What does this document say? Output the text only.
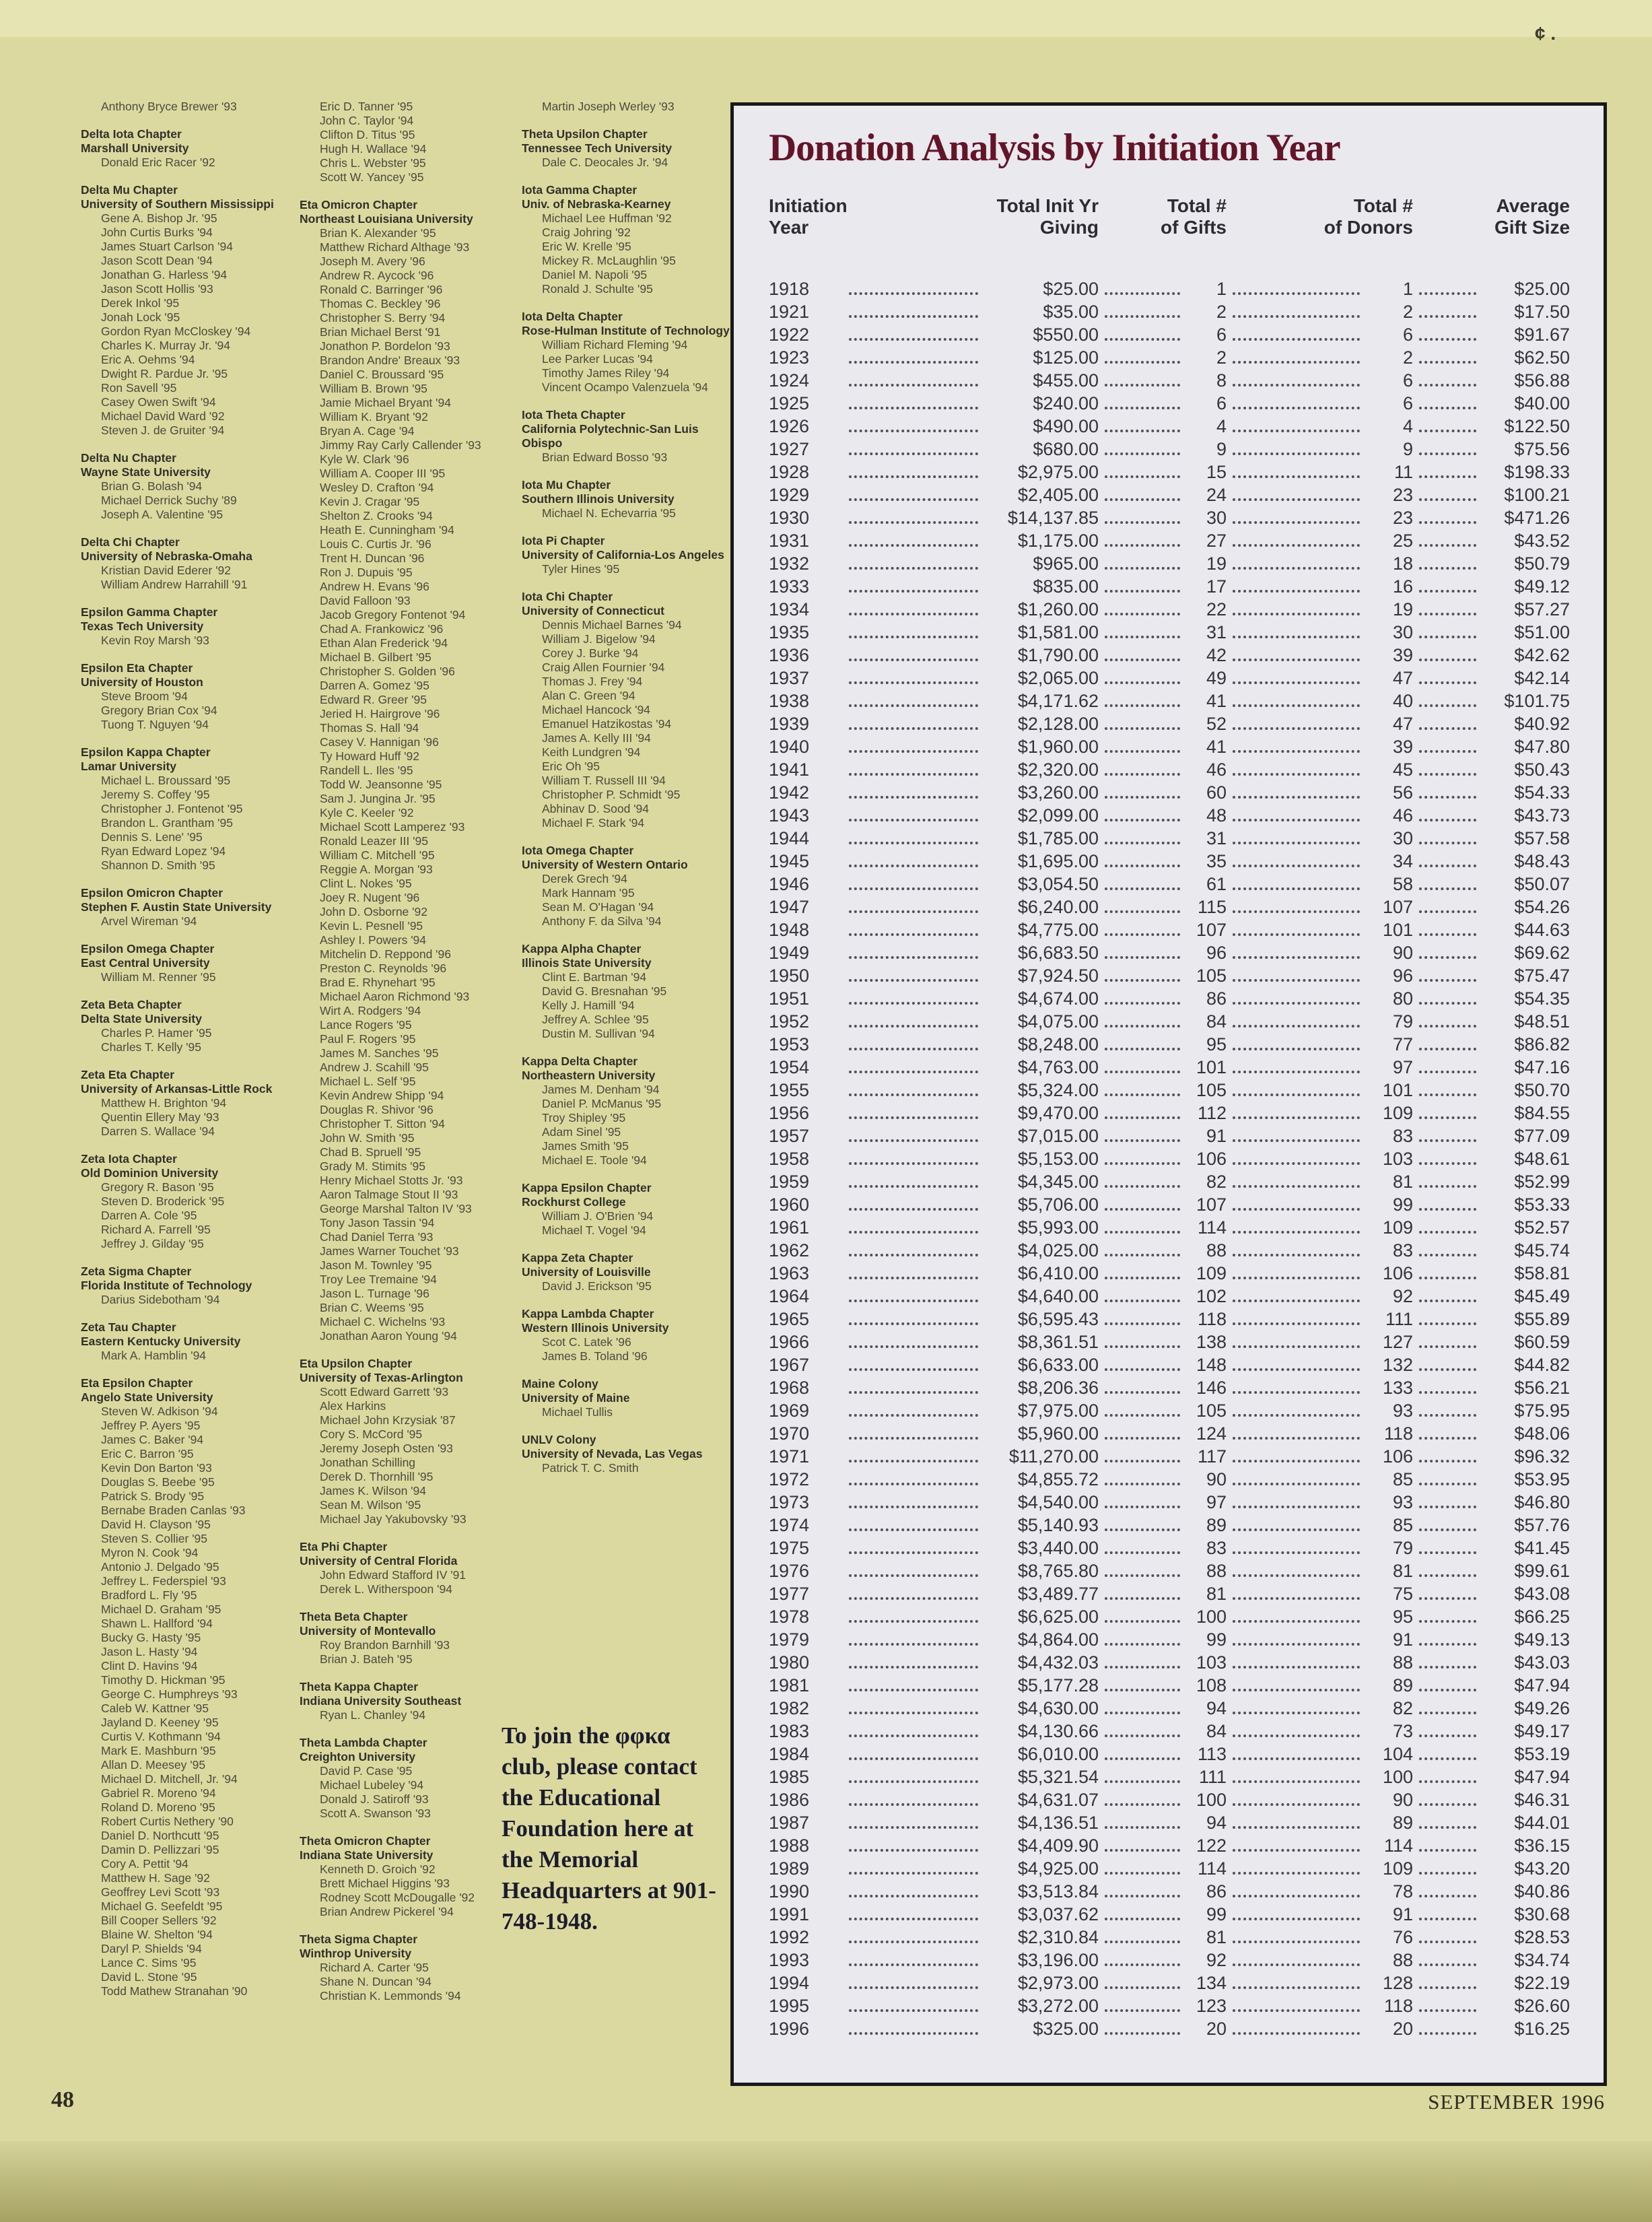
¢ .
Anthony Bryce Brewer '93
Delta Iota Chapter
Marshall University
Donald Eric Racer '92
Delta Mu Chapter
University of Southern Mississippi
Gene A. Bishop Jr. '95
John Curtis Burks '94
James Stuart Carlson '94
Jason Scott Dean '94
Jonathan G. Harless '94
Jason Scott Hollis '93
Derek Inkol '95
Jonah Lock '95
Gordon Ryan McCloskey '94
Charles K. Murray Jr. '94
Eric A. Oehms '94
Dwight R. Pardue Jr. '95
Ron Savell '95
Casey Owen Swift '94
Michael David Ward '92
Steven J. de Gruiter '94
Delta Nu Chapter
Wayne State University
Brian G. Bolash '94
Michael Derrick Suchy '89
Joseph A. Valentine '95
Delta Chi Chapter
University of Nebraska-Omaha
Kristian David Ederer '92
William Andrew Harrahill '91
Epsilon Gamma Chapter
Texas Tech University
Kevin Roy Marsh '93
Epsilon Eta Chapter
University of Houston
Steve Broom '94
Gregory Brian Cox '94
Tuong T. Nguyen '94
Epsilon Kappa Chapter
Lamar University
Michael L. Broussard '95
Jeremy S. Coffey '95
Christopher J. Fontenot '95
Brandon L. Grantham '95
Dennis S. Lene' '95
Ryan Edward Lopez '94
Shannon D. Smith '95
Epsilon Omicron Chapter
Stephen F. Austin State University
Arvel Wireman '94
Epsilon Omega Chapter
East Central University
William M. Renner '95
Zeta Beta Chapter
Delta State University
Charles P. Hamer '95
Charles T. Kelly '95
Zeta Eta Chapter
University of Arkansas-Little Rock
Matthew H. Brighton '94
Quentin Ellery May '93
Darren S. Wallace '94
Zeta Iota Chapter
Old Dominion University
Gregory R. Bason '95
Steven D. Broderick '95
Darren A. Cole '95
Richard A. Farrell '95
Jeffrey J. Gilday '95
Zeta Sigma Chapter
Florida Institute of Technology
Darius Sidebotham '94
Zeta Tau Chapter
Eastern Kentucky University
Mark A. Hamblin '94
Eta Epsilon Chapter
Angelo State University
Steven W. Adkison '94
Jeffrey P. Ayers '95
James C. Baker '94
Eric C. Barron '95
Kevin Don Barton '93
Douglas S. Beebe '95
Patrick S. Brody '95
Bernabe Braden Canlas '93
David H. Clayson '95
Steven S. Collier '95
Myron N. Cook '94
Antonio J. Delgado '95
Jeffrey L. Federspiel '93
Bradford L. Fly '95
Michael D. Graham '95
Shawn L. Hallford '94
Bucky G. Hasty '95
Jason L. Hasty '94
Clint D. Havins '94
Timothy D. Hickman '95
George C. Humphreys '93
Caleb W. Kattner '95
Jayland D. Keeney '95
Curtis V. Kothmann '94
Mark E. Mashburn '95
Allan D. Meesey '95
Michael D. Mitchell, Jr. '94
Gabriel R. Moreno '94
Roland D. Moreno '95
Robert Curtis Nethery '90
Daniel D. Northcutt '95
Damin D. Pellizzari '95
Cory A. Pettit '94
Matthew H. Sage '92
Geoffrey Levi Scott '93
Michael G. Seefeldt '95
Bill Cooper Sellers '92
Blaine W. Shelton '94
Daryl P. Shields '94
Lance C. Sims '95
David L. Stone '95
Todd Mathew Stranahan '90
Eric D. Tanner '95
John C. Taylor '94
Clifton D. Titus '95
Hugh H. Wallace '94
Chris L. Webster '95
Scott W. Yancey '95
Eta Omicron Chapter
Northeast Louisiana University
Brian K. Alexander '95
Matthew Richard Althage '93
Joseph M. Avery '96
Andrew R. Aycock '96
Ronald C. Barringer '96
Thomas C. Beckley '96
Christopher S. Berry '94
Brian Michael Berst '91
Jonathon P. Bordelon '93
Brandon Andre' Breaux '93
Daniel C. Broussard '95
William B. Brown '95
Jamie Michael Bryant '94
William K. Bryant '92
Bryan A. Cage '94
Jimmy Ray Carly Callender '93
Kyle W. Clark '96
William A. Cooper III '95
Wesley D. Crafton '94
Kevin J. Cragar '95
Shelton Z. Crooks '94
Heath E. Cunningham '94
Louis C. Curtis Jr. '96
Trent H. Duncan '96
Ron J. Dupuis '95
Andrew H. Evans '96
David Falloon '93
Jacob Gregory Fontenot '94
Chad A. Frankowicz '96
Ethan Alan Frederick '94
Michael B. Gilbert '95
Christopher S. Golden '96
Darren A. Gomez '95
Edward R. Greer '95
Jeried H. Hairgrove '96
Thomas S. Hall '94
Casey V. Hannigan '96
Ty Howard Huff '92
Randell L. Iles '95
Todd W. Jeansonne '95
Sam J. Jungina Jr. '95
Kyle C. Keeler '92
Michael Scott Lamperez '93
Ronald Leazer III '95
William C. Mitchell '95
Reggie A. Morgan '93
Clint L. Nokes '95
Joey R. Nugent '96
John D. Osborne '92
Kevin L. Pesnell '95
Ashley I. Powers '94
Mitchelin D. Reppond '96
Preston C. Reynolds '96
Brad E. Rhynehart '95
Michael Aaron Richmond '93
Wirt A. Rodgers '94
Lance Rogers '95
Paul F. Rogers '95
James M. Sanches '95
Andrew J. Scahill '95
Michael L. Self '95
Kevin Andrew Shipp '94
Douglas R. Shivor '96
Christopher T. Sitton '94
John W. Smith '95
Chad B. Spruell '95
Grady M. Stimits '95
Henry Michael Stotts Jr. '93
Aaron Talmage Stout II '93
George Marshal Talton IV '93
Tony Jason Tassin '94
Chad Daniel Terra '93
James Warner Touchet '93
Jason M. Townley '95
Troy Lee Tremaine '94
Jason L. Turnage '96
Brian C. Weems '95
Michael C. Wichelns '93
Jonathan Aaron Young '94
Eta Upsilon Chapter
University of Texas-Arlington
Scott Edward Garrett '93
Alex Harkins
Michael John Krzysiak '87
Cory S. McCord '95
Jeremy Joseph Osten '93
Jonathan Schilling
Derek D. Thornhill '95
James K. Wilson '94
Sean M. Wilson '95
Michael Jay Yakubovsky '93
Eta Phi Chapter
University of Central Florida
John Edward Stafford IV '91
Derek L. Witherspoon '94
Theta Beta Chapter
University of Montevallo
Roy Brandon Barnhill '93
Brian J. Bateh '95
Theta Kappa Chapter
Indiana University Southeast
Ryan L. Chanley '94
Theta Lambda Chapter
Creighton University
David P. Case '95
Michael Lubeley '94
Donald J. Satiroff '93
Scott A. Swanson '93
Theta Omicron Chapter
Indiana State University
Kenneth D. Groich '92
Brett Michael Higgins '93
Rodney Scott McDougalle '92
Brian Andrew Pickerel '94
Theta Sigma Chapter
Winthrop University
Richard A. Carter '95
Shane N. Duncan '94
Christian K. Lemmonds '94
Martin Joseph Werley '93
Theta Upsilon Chapter
Tennessee Tech University
Dale C. Deocales Jr. '94
Iota Gamma Chapter
Univ. of Nebraska-Kearney
Michael Lee Huffman '92
Craig Johring '92
Eric W. Krelle '95
Mickey R. McLaughlin '95
Daniel M. Napoli '95
Ronald J. Schulte '95
Iota Delta Chapter
Rose-Hulman Institute of Technology
William Richard Fleming '94
Lee Parker Lucas '94
Timothy James Riley '94
Vincent Ocampo Valenzuela '94
Iota Theta Chapter
California Polytechnic-San Luis Obispo
Brian Edward Bosso '93
Iota Mu Chapter
Southern Illinois University
Michael N. Echevarria '95
Iota Pi Chapter
University of California-Los Angeles
Tyler Hines '95
Iota Chi Chapter
University of Connecticut
Dennis Michael Barnes '94
William J. Bigelow '94
Corey J. Burke '94
Craig Allen Fournier '94
Thomas J. Frey '94
Alan C. Green '94
Michael Hancock '94
Emanuel Hatzikostas '94
James A. Kelly III '94
Keith Lundgren '94
Eric Oh '95
William T. Russell III '94
Christopher P. Schmidt '95
Abhinav D. Sood '94
Michael F. Stark '94
Iota Omega Chapter
University of Western Ontario
Derek Grech '94
Mark Hannam '95
Sean M. O'Hagan '94
Anthony F. da Silva '94
Kappa Alpha Chapter
Illinois State University
Clint E. Bartman '94
David G. Bresnahan '95
Kelly J. Hamill '94
Jeffrey A. Schlee '95
Dustin M. Sullivan '94
Kappa Delta Chapter
Northeastern University
James M. Denham '94
Daniel P. McManus '95
Troy Shipley '95
Adam Sinel '95
James Smith '95
Michael E. Toole '94
Kappa Epsilon Chapter
Rockhurst College
William J. O'Brien '94
Michael T. Vogel '94
Kappa Zeta Chapter
University of Louisville
David J. Erickson '95
Kappa Lambda Chapter
Western Illinois University
Scot C. Latek '96
James B. Toland '96
Maine Colony
University of Maine
Michael Tullis
UNLV Colony
University of Nevada, Las Vegas
Patrick T. C. Smith
To join the φφκα club, please contact the Educational Foundation here at the Memorial Headquarters at 901-748-1948.
Donation Analysis by Initiation Year
Initiation
Year

Total Init Yr
Giving

Total #
of Gifts

Total #
of Donors

Average
Gift Size

1918		$25.00		1		1		$25.00
1921		$35.00		2		2		$17.50
1922		$550.00		6		6		$91.67
1923		$125.00		2		2		$62.50
1924		$455.00		8		6		$56.88
1925		$240.00		6		6		$40.00
1926		$490.00		4		4		$122.50
1927		$680.00		9		9		$75.56
1928		$2,975.00		15		11		$198.33
1929		$2,405.00		24		23		$100.21
1930		$14,137.85		30		23		$471.26
1931		$1,175.00		27		25		$43.52
1932		$965.00		19		18		$50.79
1933		$835.00		17		16		$49.12
1934		$1,260.00		22		19		$57.27
1935		$1,581.00		31		30		$51.00
1936		$1,790.00		42		39		$42.62
1937		$2,065.00		49		47		$42.14
1938		$4,171.62		41		40		$101.75
1939		$2,128.00		52		47		$40.92
1940		$1,960.00		41		39		$47.80
1941		$2,320.00		46		45		$50.43
1942		$3,260.00		60		56		$54.33
1943		$2,099.00		48		46		$43.73
1944		$1,785.00		31		30		$57.58
1945		$1,695.00		35		34		$48.43
1946		$3,054.50		61		58		$50.07
1947		$6,240.00		115		107		$54.26
1948		$4,775.00		107		101		$44.63
1949		$6,683.50		96		90		$69.62
1950		$7,924.50		105		96		$75.47
1951		$4,674.00		86		80		$54.35
1952		$4,075.00		84		79		$48.51
1953		$8,248.00		95		77		$86.82
1954		$4,763.00		101		97		$47.16
1955		$5,324.00		105		101		$50.70
1956		$9,470.00		112		109		$84.55
1957		$7,015.00		91		83		$77.09
1958		$5,153.00		106		103		$48.61
1959		$4,345.00		82		81		$52.99
1960		$5,706.00		107		99		$53.33
1961		$5,993.00		114		109		$52.57
1962		$4,025.00		88		83		$45.74
1963		$6,410.00		109		106		$58.81
1964		$4,640.00		102		92		$45.49
1965		$6,595.43		118		111		$55.89
1966		$8,361.51		138		127		$60.59
1967		$6,633.00		148		132		$44.82
1968		$8,206.36		146		133		$56.21
1969		$7,975.00		105		93		$75.95
1970		$5,960.00		124		118		$48.06
1971		$11,270.00		117		106		$96.32
1972		$4,855.72		90		85		$53.95
1973		$4,540.00		97		93		$46.80
1974		$5,140.93		89		85		$57.76
1975		$3,440.00		83		79		$41.45
1976		$8,765.80		88		81		$99.61
1977		$3,489.77		81		75		$43.08
1978		$6,625.00		100		95		$66.25
1979		$4,864.00		99		91		$49.13
1980		$4,432.03		103		88		$43.03
1981		$5,177.28		108		89		$47.94
1982		$4,630.00		94		82		$49.26
1983		$4,130.66		84		73		$49.17
1984		$6,010.00		113		104		$53.19
1985		$5,321.54		111		100		$47.94
1986		$4,631.07		100		90		$46.31
1987		$4,136.51		94		89		$44.01
1988		$4,409.90		122		114		$36.15
1989		$4,925.00		114		109		$43.20
1990		$3,513.84		86		78		$40.86
1991		$3,037.62		99		91		$30.68
1992		$2,310.84		81		76		$28.53
1993		$3,196.00		92		88		$34.74
1994		$2,973.00		134		128		$22.19
1995		$3,272.00		123		118		$26.60
1996		$325.00		20		20		$16.25
48	SEPTEMBER 1996
